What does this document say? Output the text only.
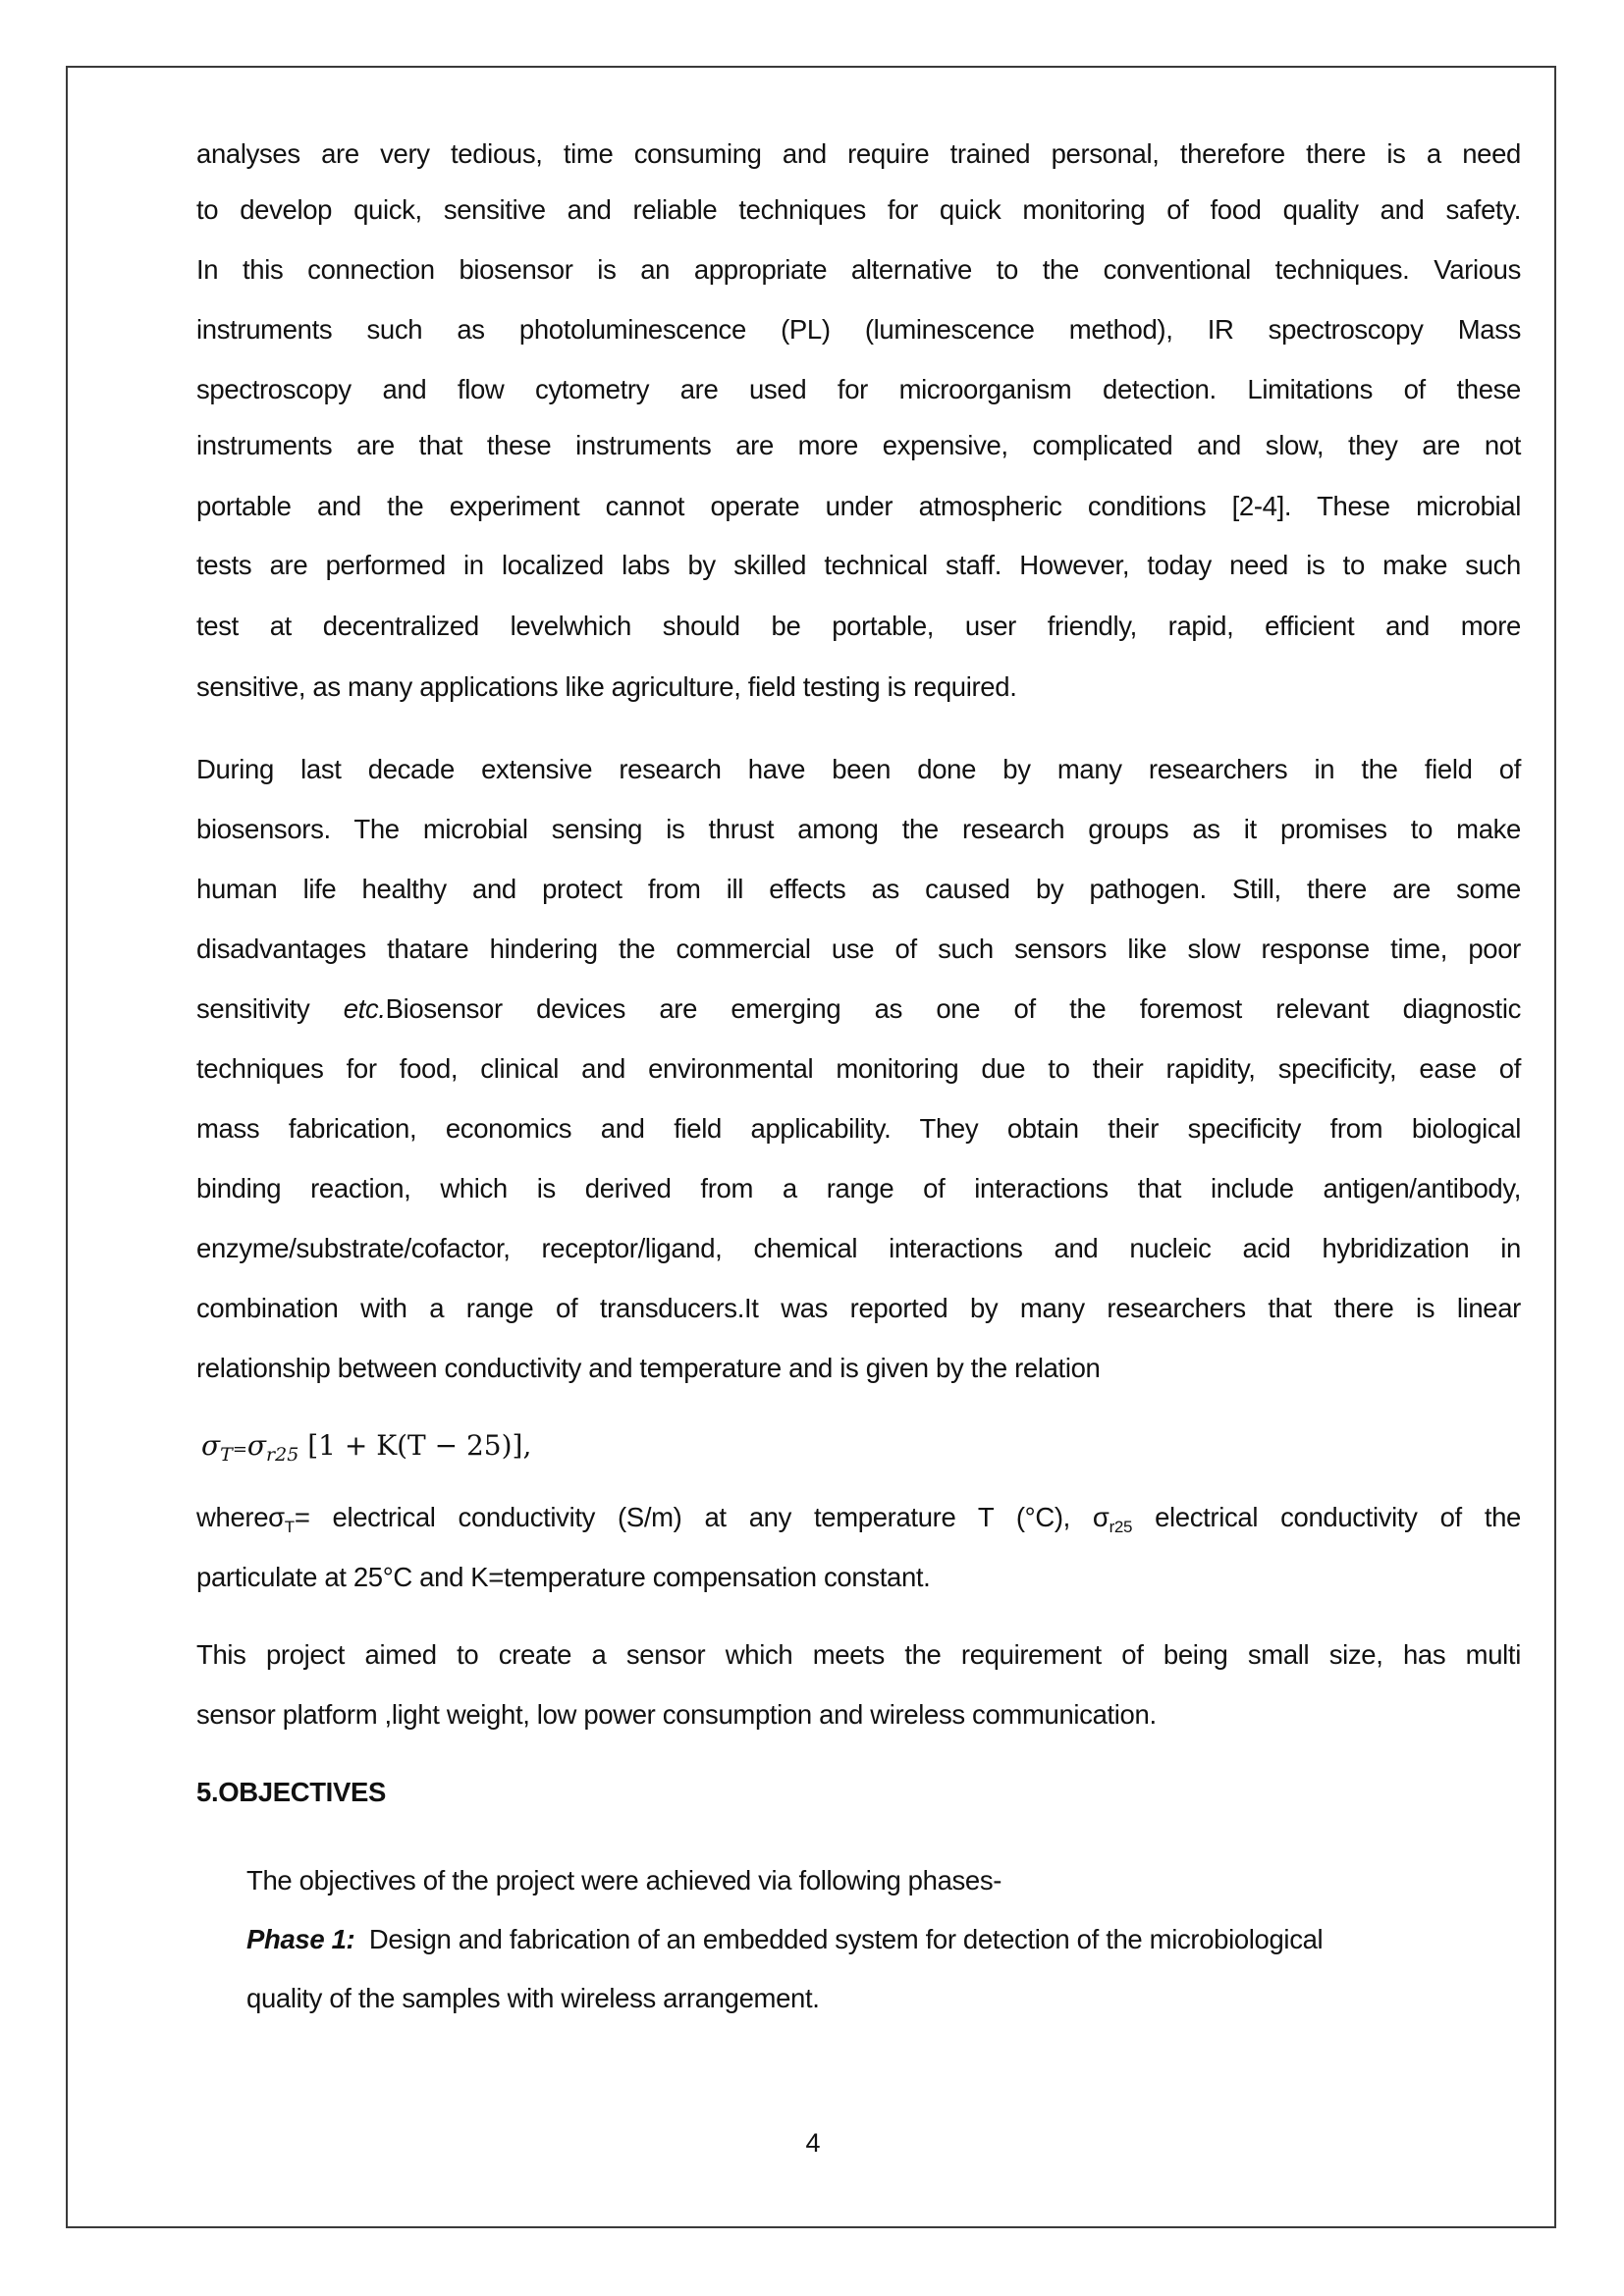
analyses are very tedious, time consuming and require trained personal, therefore there is a need
to develop quick, sensitive and reliable techniques for quick monitoring of food quality and safety.
In this connection biosensor is an appropriate alternative to the conventional techniques. Various
instruments such as photoluminescence (PL) (luminescence method), IR spectroscopy Mass
spectroscopy and flow cytometry are used for microorganism detection. Limitations of these
instruments are that these instruments are more expensive, complicated and slow, they are not
portable and the experiment cannot operate under atmospheric conditions [2-4]. These microbial
tests are performed in localized labs by skilled technical staff. However, today need is to make such
test at decentralized levelwhich should be portable, user friendly, rapid, efficient and more
sensitive, as many applications like agriculture, field testing is required.
During last decade extensive research have been done by many researchers in the field of
biosensors. The microbial sensing is thrust among the research groups as it promises to make
human life healthy and protect from ill effects as caused by pathogen. Still, there are some
disadvantages thatare hindering the commercial use of such sensors like slow response time, poor
sensitivity etc.Biosensor devices are emerging as one of the foremost relevant diagnostic
techniques for food, clinical and environmental monitoring due to their rapidity, specificity, ease of
mass fabrication, economics and field applicability. They obtain their specificity from biological
binding reaction, which is derived from a range of interactions that include antigen/antibody,
enzyme/substrate/cofactor, receptor/ligand, chemical interactions and nucleic acid hybridization in
combination with a range of transducers.It was reported by many researchers that there is linear
relationship between conductivity and temperature and is given by the relation
$\sigma_T=\sigma_{r25}$ [1 + K(T − 25)],
whereσ$_T$= electrical conductivity (S/m) at any temperature T (°C), $\sigma_{r25}$ electrical conductivity of the
particulate at 25°C and K=temperature compensation constant.
This project aimed to create a sensor which meets the requirement of being small size, has multi
sensor platform ,light weight, low power consumption and wireless communication.
5.OBJECTIVES
The objectives of the project were achieved via following phases-
Phase 1:  Design and fabrication of an embedded system for detection of the microbiological
quality of the samples with wireless arrangement.
4
